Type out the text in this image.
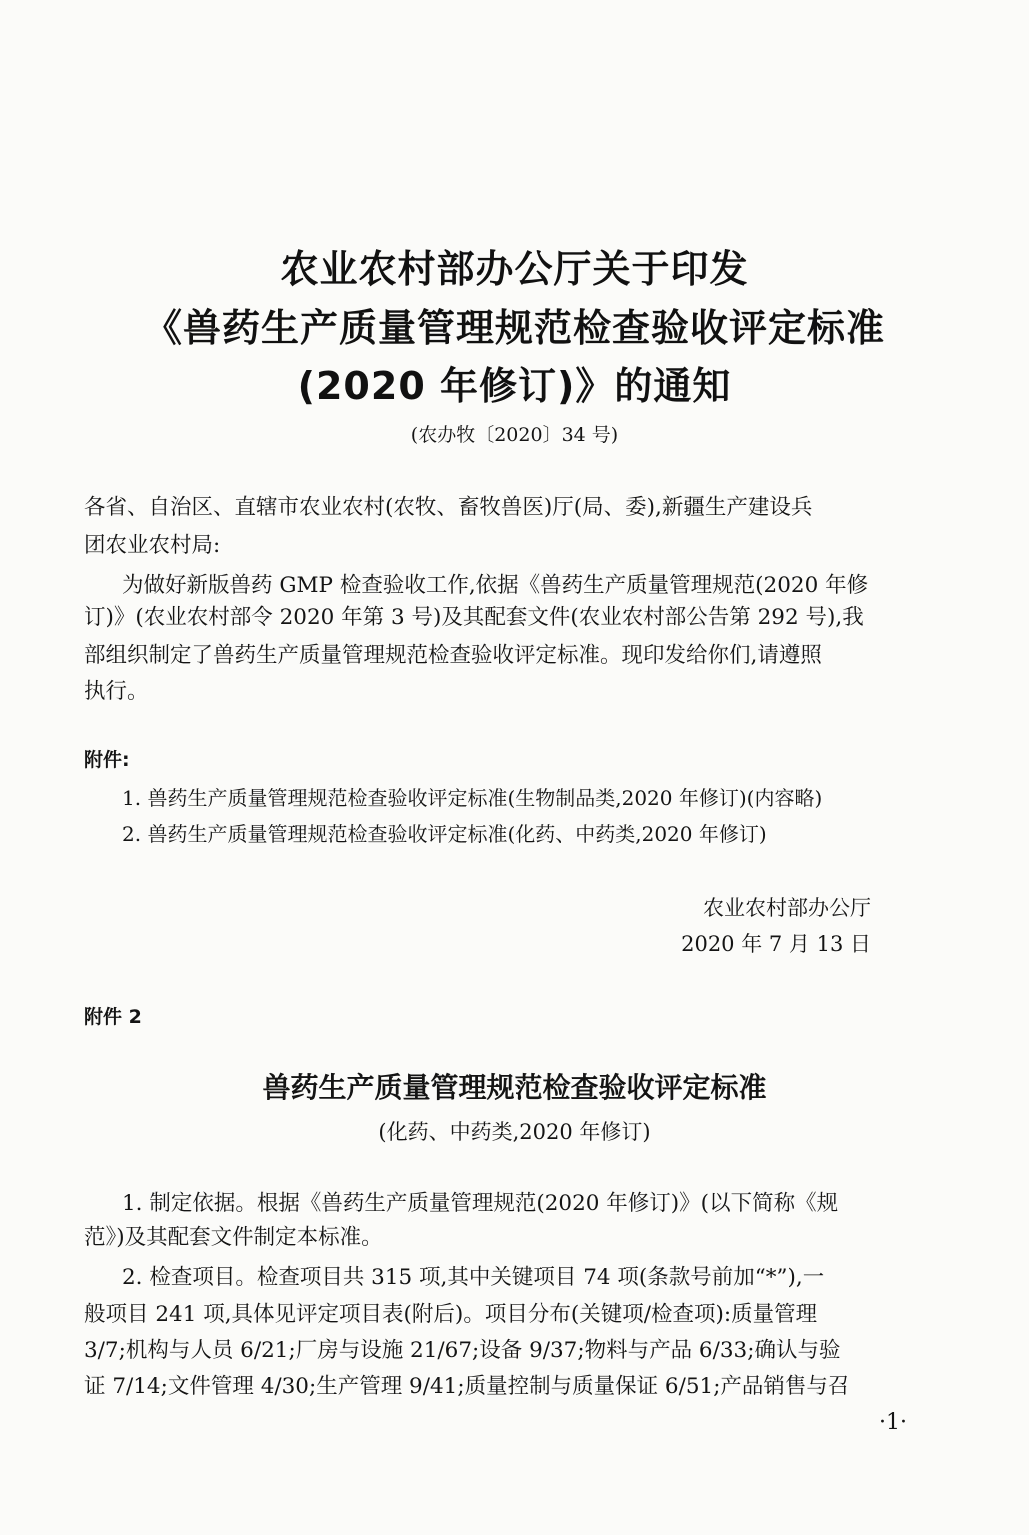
农业农村部办公厅关于印发
《兽药生产质量管理规范检查验收评定标准
(2020 年修订)》的通知
(农办牧〔2020〕34 号)
各省、自治区、直辖市农业农村(农牧、畜牧兽医)厅(局、委),新疆生产建设兵
团农业农村局:
为做好新版兽药 GMP 检查验收工作,依据《兽药生产质量管理规范(2020 年修
订)》(农业农村部令 2020 年第 3 号)及其配套文件(农业农村部公告第 292 号),我
部组织制定了兽药生产质量管理规范检查验收评定标准。现印发给你们,请遵照
执行。
附件:
1. 兽药生产质量管理规范检查验收评定标准(生物制品类,2020 年修订)(内容略)
2. 兽药生产质量管理规范检查验收评定标准(化药、中药类,2020 年修订)
农业农村部办公厅
2020 年 7 月 13 日
附件 2
兽药生产质量管理规范检查验收评定标准
(化药、中药类,2020 年修订)
1. 制定依据。根据《兽药生产质量管理规范(2020 年修订)》(以下简称《规
范》)及其配套文件制定本标准。
2. 检查项目。检查项目共 315 项,其中关键项目 74 项(条款号前加“*”),一
般项目 241 项,具体见评定项目表(附后)。项目分布(关键项/检查项):质量管理
3/7;机构与人员 6/21;厂房与设施 21/67;设备 9/37;物料与产品 6/33;确认与验
证 7/14;文件管理 4/30;生产管理 9/41;质量控制与质量保证 6/51;产品销售与召
·1·
